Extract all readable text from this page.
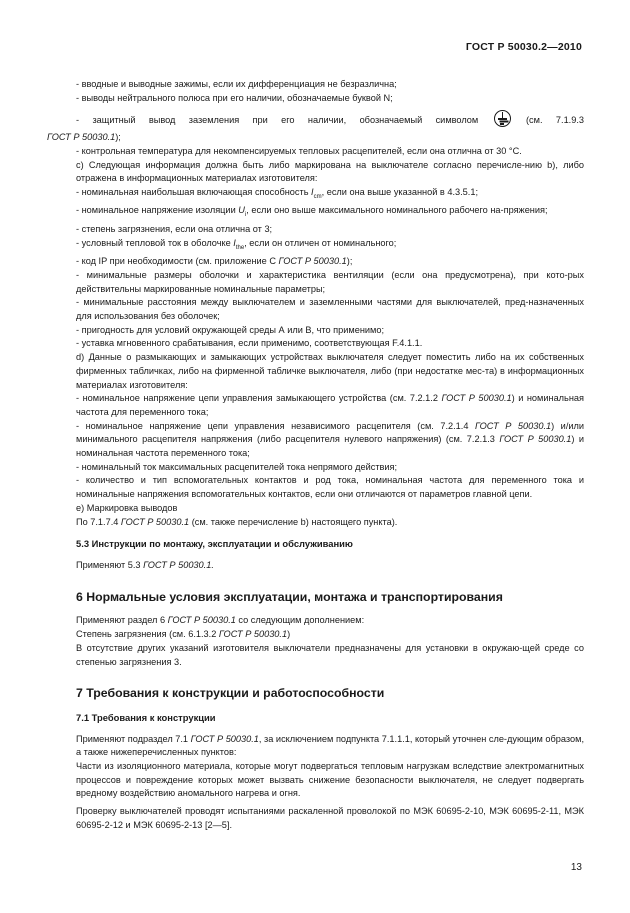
ГОСТ Р 50030.2—2010

- вводные и выводные зажимы, если их дифференциация не безразлична;

- выводы нейтрального полюса при его наличии, обозначаемые буквой N;

- защитный вывод заземления при его наличии, обозначаемый символом	(см. 7.1.9.3

ГОСТ Р 50030.1);

- контрольная температура для некомпенсируемых тепловых расцепителей, если она отлична от 30 °С.

с) Следующая информация должна быть либо маркирована на выключателе согласно перечисле-нию b), либо отражена в информационных материалах изготовителя:

- номинальная наибольшая включающая способность $I_{cm}$, если она выше указанной в 4.3.5.1;

- номинальное напряжение изоляции $U_i$, если оно выше максимального номинального рабочего на-пряжения;

- степень загрязнения, если она отлична от 3;

- условный тепловой ток в оболочке $I_{the}$, если он отличен от номинального;

- код IP при необходимости (см. приложение С ГОСТ Р 50030.1);

- минимальные размеры оболочки и характеристика вентиляции (если она предусмотрена), при кото-рых действительны маркированные номинальные параметры;

- минимальные расстояния между выключателем и заземленными частями для выключателей, пред-назначенных для использования без оболочек;

- пригодность для условий окружающей среды А или В, что применимо;

- уставка мгновенного срабатывания, если применимо, соответствующая F.4.1.1.

d) Данные о размыкающих и замыкающих устройствах выключателя следует поместить либо на их собственных фирменных табличках, либо на фирменной табличке выключателя, либо (при недостатке мес-та) в информационных материалах изготовителя:

- номинальное напряжение цепи управления замыкающего устройства (см. 7.2.1.2 ГОСТ Р 50030.1) и номинальная частота для переменного тока;

- номинальное напряжение цепи управления независимого расцепителя (см. 7.2.1.4 ГОСТ Р 50030.1) и/или минимального расцепителя напряжения (либо расцепителя нулевого напряжения) (см. 7.2.1.3 ГОСТ Р 50030.1) и номинальная частота переменного тока;

- номинальный ток максимальных расцепителей тока непрямого действия;

- количество и тип вспомогательных контактов и род тока, номинальная частота для переменного тока и номинальные напряжения вспомогательных контактов, если они отличаются от параметров главной цепи.

е) Маркировка выводов

По 7.1.7.4 ГОСТ Р 50030.1 (см. также перечисление b) настоящего пункта).

5.3 Инструкции по монтажу, эксплуатации и обслуживанию

Применяют 5.3 ГОСТ Р 50030.1.

6 Нормальные условия эксплуатации, монтажа и транспортирования

Применяют раздел 6 ГОСТ Р 50030.1 со следующим дополнением:

Степень загрязнения (см. 6.1.3.2 ГОСТ Р 50030.1)

В отсутствие других указаний изготовителя выключатели предназначены для установки в окружаю-щей среде со степенью загрязнения 3.

7 Требования к конструкции и работоспособности

7.1 Требования к конструкции

Применяют подраздел 7.1 ГОСТ Р 50030.1, за исключением подпункта 7.1.1.1, который уточнен сле-дующим образом, а также нижеперечисленных пунктов:

Части из изоляционного материала, которые могут подвергаться тепловым нагрузкам вследствие электромагнитных процессов и повреждение которых может вызвать снижение безопасности выключателя, не следует подвергать вредному воздействию аномального нагрева и огня.

Проверку выключателей проводят испытаниями раскаленной проволокой по МЭК 60695-2-10, МЭК 60695-2-11, МЭК 60695-2-12 и МЭК 60695-2-13 [2—5].

13
